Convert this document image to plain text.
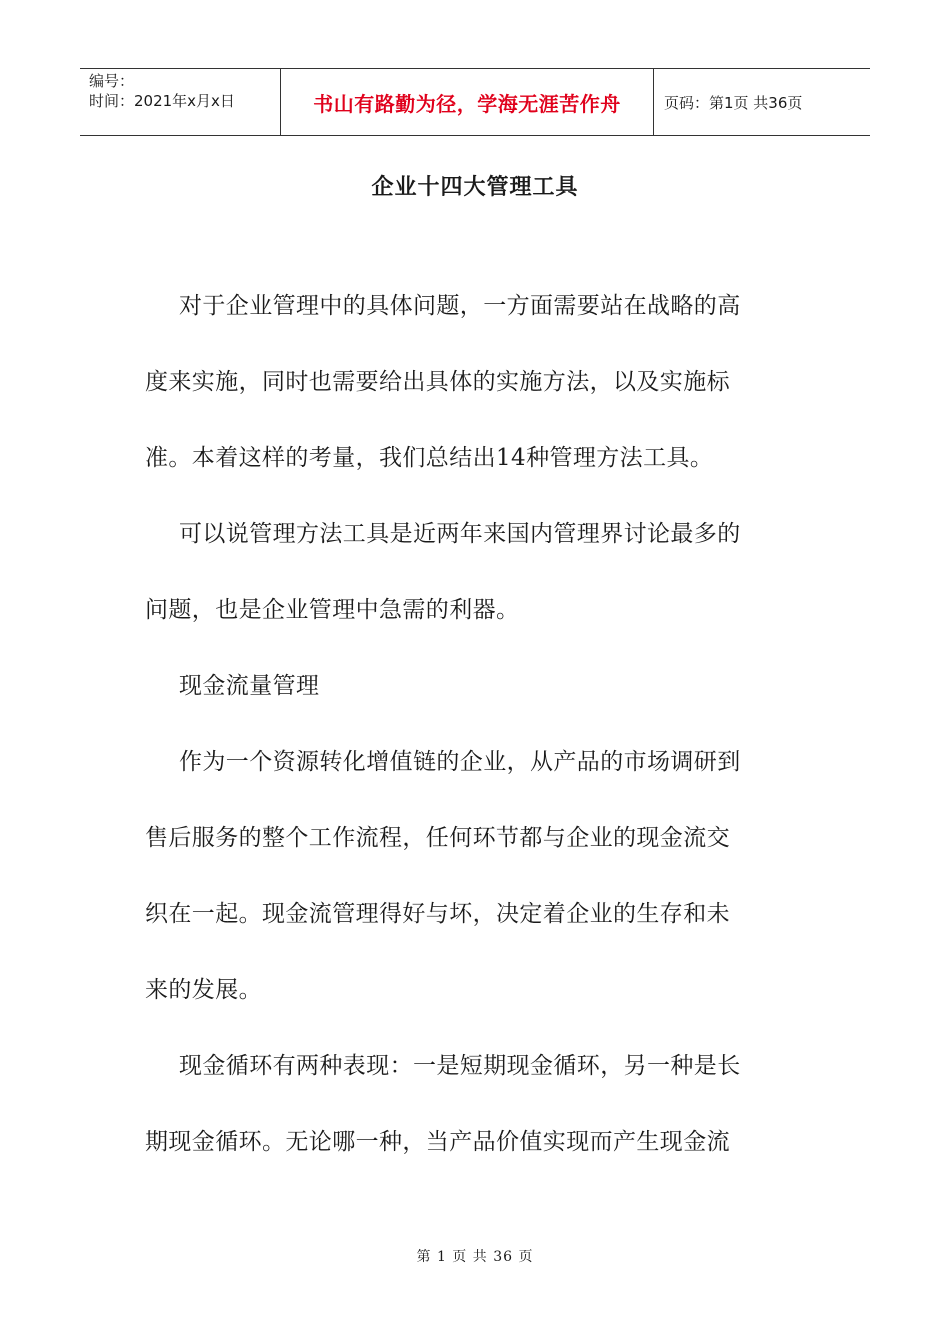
编号：
时间：2021年x月x日	书山有路勤为径，学海无涯苦作舟	页码：第1页 共36页
企业十四大管理工具
对于企业管理中的具体问题，一方面需要站在战略的高
度来实施，同时也需要给出具体的实施方法，以及实施标
准。本着这样的考量，我们总结出14种管理方法工具。
可以说管理方法工具是近两年来国内管理界讨论最多的
问题，也是企业管理中急需的利器。
现金流量管理
作为一个资源转化增值链的企业，从产品的市场调研到
售后服务的整个工作流程，任何环节都与企业的现金流交
织在一起。现金流管理得好与坏，决定着企业的生存和未
来的发展。
现金循环有两种表现：一是短期现金循环，另一种是长
期现金循环。无论哪一种，当产品价值实现而产生现金流
第 1 页 共 36 页
